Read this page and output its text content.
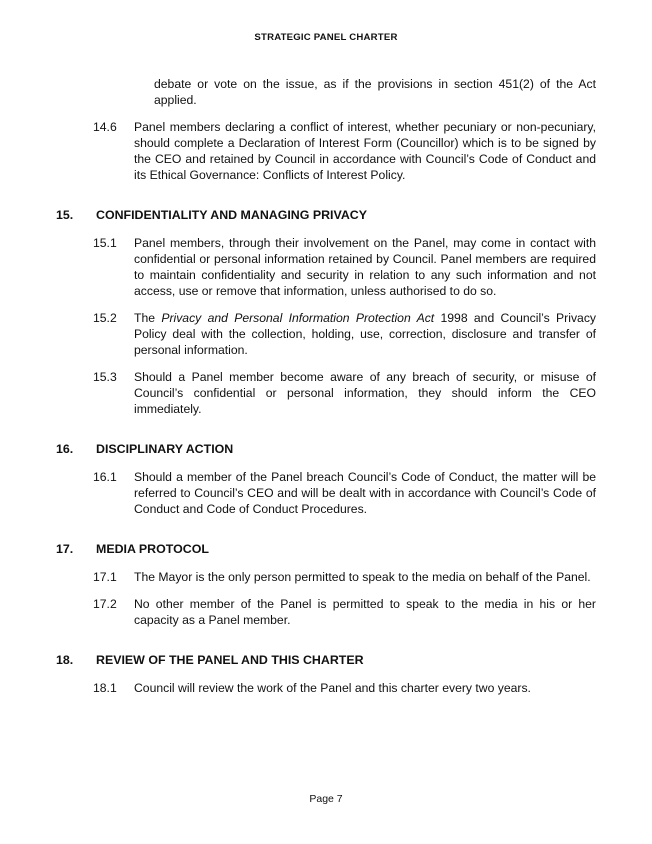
STRATEGIC PANEL CHARTER
debate or vote on the issue, as if the provisions in section 451(2) of the Act applied.
14.6 Panel members declaring a conflict of interest, whether pecuniary or non-pecuniary, should complete a Declaration of Interest Form (Councillor) which is to be signed by the CEO and retained by Council in accordance with Council’s Code of Conduct and its Ethical Governance: Conflicts of Interest Policy.
15. CONFIDENTIALITY AND MANAGING PRIVACY
15.1 Panel members, through their involvement on the Panel, may come in contact with confidential or personal information retained by Council. Panel members are required to maintain confidentiality and security in relation to any such information and not access, use or remove that information, unless authorised to do so.
15.2 The Privacy and Personal Information Protection Act 1998 and Council’s Privacy Policy deal with the collection, holding, use, correction, disclosure and transfer of personal information.
15.3 Should a Panel member become aware of any breach of security, or misuse of Council’s confidential or personal information, they should inform the CEO immediately.
16. DISCIPLINARY ACTION
16.1 Should a member of the Panel breach Council’s Code of Conduct, the matter will be referred to Council’s CEO and will be dealt with in accordance with Council’s Code of Conduct and Code of Conduct Procedures.
17. MEDIA PROTOCOL
17.1 The Mayor is the only person permitted to speak to the media on behalf of the Panel.
17.2 No other member of the Panel is permitted to speak to the media in his or her capacity as a Panel member.
18. REVIEW OF THE PANEL AND THIS CHARTER
18.1 Council will review the work of the Panel and this charter every two years.
Page 7
